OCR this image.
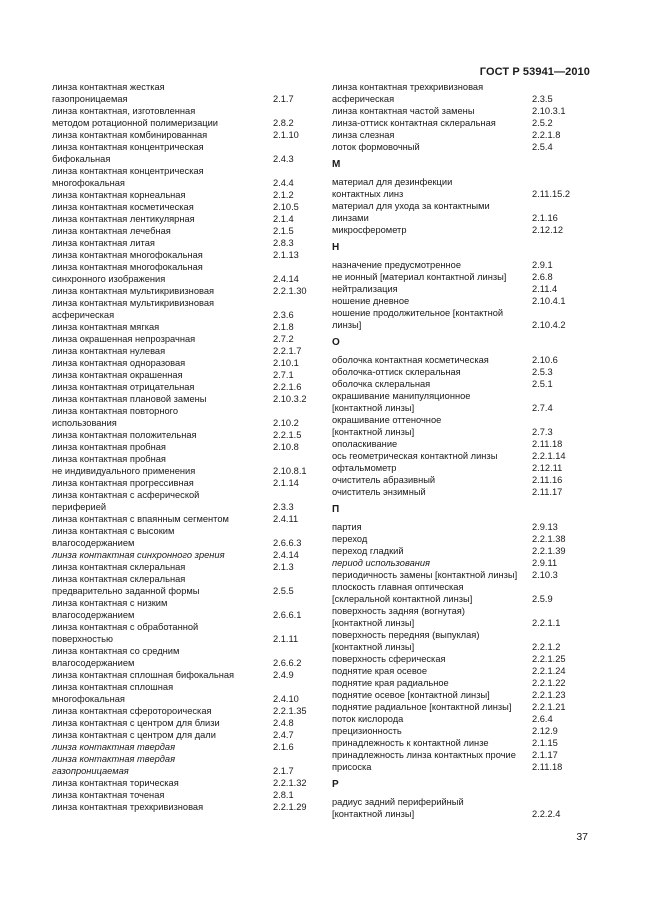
ГОСТ Р 53941—2010
линза контактная жесткая
газопроницаемая	2.1.7
линза контактная, изготовленная
методом ротационной полимеризации	2.8.2
линза контактная комбинированная	2.1.10
линза контактная концентрическая
бифокальная	2.4.3
линза контактная концентрическая
многофокальная	2.4.4
линза контактная корнеальная	2.1.2
линза контактная косметическая	2.10.5
линза контактная лентикулярная	2.1.4
линза контактная лечебная	2.1.5
линза контактная литая	2.8.3
линза контактная многофокальная	2.1.13
линза контактная многофокальная
синхронного изображения	2.4.14
линза контактная мультикривизновая	2.2.1.30
линза контактная мультикривизновая
асферическая	2.3.6
линза контактная мягкая	2.1.8
линза окрашенная непрозрачная	2.7.2
линза контактная нулевая	2.2.1.7
линза контактная одноразовая	2.10.1
линза контактная окрашенная	2.7.1
линза контактная отрицательная	2.2.1.6
линза контактная плановой замены	2.10.3.2
линза контактная повторного
использования	2.10.2
линза контактная положительная	2.2.1.5
линза контактная пробная	2.10.8
линза контактная пробная
не индивидуального применения	2.10.8.1
линза контактная прогрессивная	2.1.14
линза контактная с асферической
периферией	2.3.3
линза контактная с впаянным сегментом	2.4.11
линза контактная с высоким
влагосодержанием	2.6.6.3
линза контактная синхронного зрения	2.4.14
линза контактная склеральная	2.1.3
линза контактная склеральная
предварительно заданной формы	2.5.5
линза контактная с низким
влагосодержанием	2.6.6.1
линза контактная с обработанной
поверхностью	2.1.11
линза контактная со средним
влагосодержанием	2.6.6.2
линза контактная сплошная бифокальная	2.4.9
линза контактная сплошная
многофокальная	2.4.10
линза контактная сферотороическая	2.2.1.35
линза контактная с центром для близи	2.4.8
линза контактная с центром для дали	2.4.7
линза контактная твердая	2.1.6
линза контактная твердая
газопроницаемая	2.1.7
линза контактная торическая	2.2.1.32
линза контактная точеная	2.8.1
линза контактная трехкривизновая	2.2.1.29
линза контактная трехкривизновая
асферическая	2.3.5
линза контактная частой замены	2.10.3.1
линза-оттиск контактная склеральная	2.5.2
линза слезная	2.2.1.8
лоток формовочный	2.5.4
М
материал для дезинфекции
контактных линз	2.11.15.2
материал для ухода за контактными
линзами	2.1.16
микросферометр	2.12.12
Н
назначение предусмотренное	2.9.1
не ионный [материал контактной линзы]	2.6.8
нейтрализация	2.11.4
ношение дневное	2.10.4.1
ношение продолжительное [контактной
линзы]	2.10.4.2
О
оболочка контактная косметическая	2.10.6
оболочка-оттиск склеральная	2.5.3
оболочка склеральная	2.5.1
окрашивание манипуляционное
[контактной линзы]	2.7.4
окрашивание оттеночное
[контактной линзы]	2.7.3
ополаскивание	2.11.18
ось геометрическая контактной линзы	2.2.1.14
офтальмометр	2.12.11
очиститель абразивный	2.11.16
очиститель энзимный	2.11.17
П
партия	2.9.13
переход	2.2.1.38
переход гладкий	2.2.1.39
период использования	2.9.11
периодичность замены [контактной линзы]	2.10.3
плоскость главная оптическая
[склеральной контактной линзы]	2.5.9
поверхность задняя (вогнутая)
[контактной линзы]	2.2.1.1
поверхность передняя (выпуклая)
[контактной линзы]	2.2.1.2
поверхность сферическая	2.2.1.25
поднятие края осевое	2.2.1.24
поднятие края радиальное	2.2.1.22
поднятие осевое [контактной линзы]	2.2.1.23
поднятие радиальное [контактной линзы]	2.2.1.21
поток кислорода	2.6.4
прецизионность	2.12.9
принадлежность к контактной линзе	2.1.15
принадлежность линза контактных прочие	2.1.17
присоска	2.11.18
Р
радиус задний периферийный
[контактной линзы]	2.2.2.4
37
